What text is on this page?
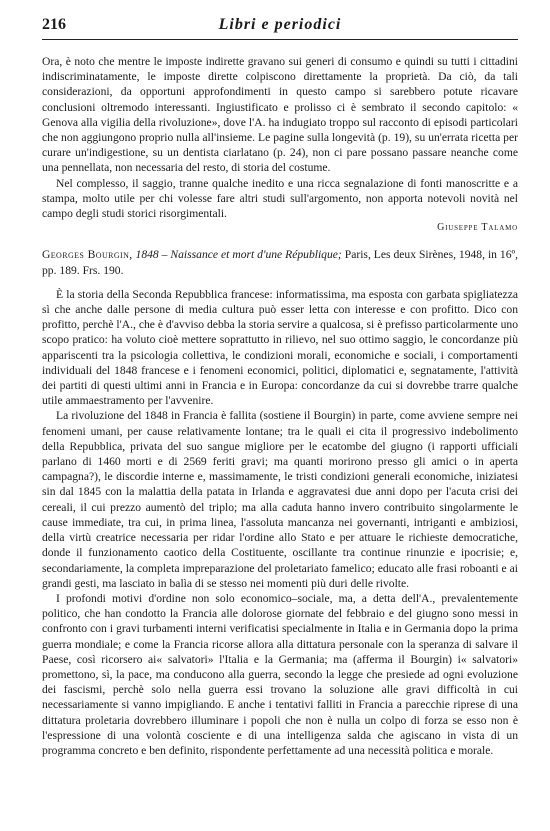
216	Libri e periodici

Ora, è noto che mentre le imposte indirette gravano sui generi di consumo e quindi su tutti i cittadini indiscriminatamente, le imposte dirette colpiscono direttamente la proprietà. Da ciò, da tali considerazioni, da opportuni approfondimenti in questo campo si sarebbero potute ricavare conclusioni oltremodo interessanti. Ingiustificato e prolisso ci è sembrato il secondo capitolo: « Genova alla vigilia della rivoluzione», dove l'A. ha indugiato troppo sul racconto di episodi particolari che non aggiungono proprio nulla all'insieme. Le pagine sulla longevità (p. 19), su un'errata ricetta per curare un'indigestione, su un dentista ciarlatano (p. 24), non ci pare possano passare neanche come una pennellata, non necessaria del resto, di storia del costume.

Nel complesso, il saggio, tranne qualche inedito e una ricca segnalazione di fonti manoscritte e a stampa, molto utile per chi volesse fare altri studi sull'argomento, non apporta notevoli novità nel campo degli studi storici risorgimentali.

Giuseppe Talamo

Georges Bourgin, 1848 – Naissance et mort d'une République; Paris, Les deux Sirènes, 1948, in 16º, pp. 189. Frs. 190.

È la storia della Seconda Repubblica francese: informatissima, ma esposta con garbata spigliatezza sì che anche dalle persone di media cultura può esser letta con interesse e con profitto. Dico con profitto, perchè l'A., che è d'avviso debba la storia servire a qualcosa, si è prefisso particolarmente uno scopo pratico: ha voluto cioè mettere soprattutto in rilievo, nel suo ottimo saggio, le concordanze più appariscenti tra la psicologia collettiva, le condizioni morali, economiche e sociali, i comportamenti individuali del 1848 francese e i fenomeni economici, politici, diplomatici e, segnatamente, l'attività dei partiti di questi ultimi anni in Francia e in Europa: concordanze da cui si dovrebbe trarre qualche utile ammaestramento per l'avvenire.

La rivoluzione del 1848 in Francia è fallita (sostiene il Bourgin) in parte, come avviene sempre nei fenomeni umani, per cause relativamente lontane; tra le quali ei cita il progressivo indebolimento della Repubblica, privata del suo sangue migliore per le ecatombe del giugno (i rapporti ufficiali parlano di 1460 morti e di 2569 feriti gravi; ma quanti morirono presso gli amici o in aperta campagna?), le discordie interne e, massimamente, le tristi condizioni generali economiche, iniziatesi sin dal 1845 con la malattia della patata in Irlanda e aggravatesi due anni dopo per l'acuta crisi dei cereali, il cui prezzo aumentò del triplo; ma alla caduta hanno invero contribuito singolarmente le cause immediate, tra cui, in prima linea, l'assoluta mancanza nei governanti, intriganti e ambiziosi, della virtù creatrice necessaria per ridar l'ordine allo Stato e per attuare le richieste democratiche, donde il funzionamento caotico della Costituente, oscillante tra continue rinunzie e ipocrisie; e, secondariamente, la completa impreparazione del proletariato famelico; educato alle frasi roboanti e ai grandi gesti, ma lasciato in balìa di se stesso nei momenti più duri delle rivolte.

I profondi motivi d'ordine non solo economico–sociale, ma, a detta dell'A., prevalentemente politico, che han condotto la Francia alle dolorose giornate del febbraio e del giugno sono messi in confronto con i gravi turbamenti interni verificatisi specialmente in Italia e in Germania dopo la prima guerra mondiale; e come la Francia ricorse allora alla dittatura personale con la speranza di salvare il Paese, così ricorsero ai« salvatori» l'Italia e la Germania; ma (afferma il Bourgin) i« salvatori» promettono, sì, la pace, ma conducono alla guerra, secondo la legge che presiede ad ogni evoluzione dei fascismi, perchè solo nella guerra essi trovano la soluzione alle gravi difficoltà in cui necessariamente si vanno impigliando. E anche i tentativi falliti in Francia a parecchie riprese di una dittatura proletaria dovrebbero illuminare i popoli che non è nulla un colpo di forza se esso non è l'espressione di una volontà cosciente e di una intelligenza salda che agiscano in vista di un programma concreto e ben definito, rispondente perfettamente ad una necessità politica e morale.
